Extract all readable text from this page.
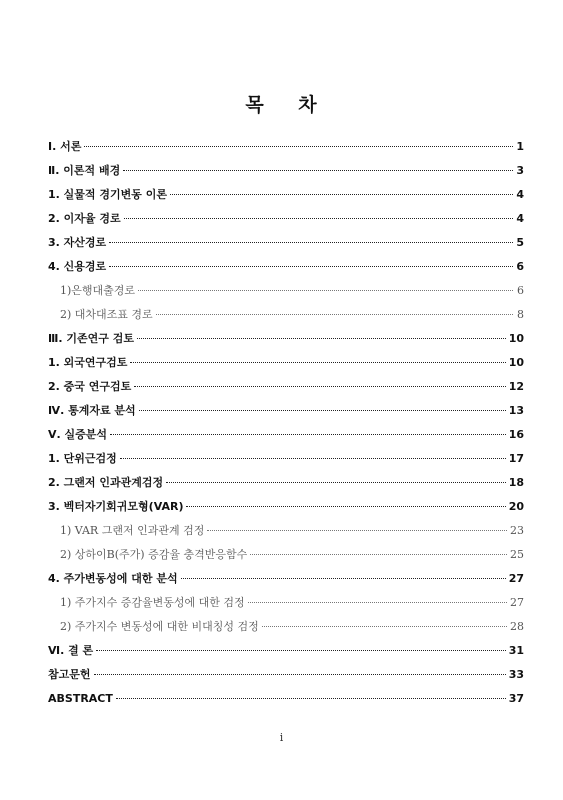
목 차
Ⅰ. 서론	1
Ⅱ. 이론적 배경	3
1. 실물적 경기변동 이론	4
2. 이자율 경로	4
3. 자산경로	5
4. 신용경로	6
1)은행대출경로	6
2) 대차대조표 경로	8
Ⅲ. 기존연구 검토	10
1. 외국연구검토	10
2. 중국 연구검토	12
Ⅳ. 통계자료 분석	13
Ⅴ. 실증분석	16
1. 단위근검정	17
2. 그랜저 인과관계검정	18
3. 벡터자기회귀모형(VAR)	20
1) VAR 그랜저 인과관계 검정	23
2) 상하이B(주가) 증감율 충격반응함수	25
4. 주가변동성에 대한 분석	27
1) 주가지수 증감율변동성에 대한 검정	27
2) 주가지수 변동성에 대한 비대칭성 검정	28
Ⅵ. 결 론	31
참고문헌	33
ABSTRACT	37
i
